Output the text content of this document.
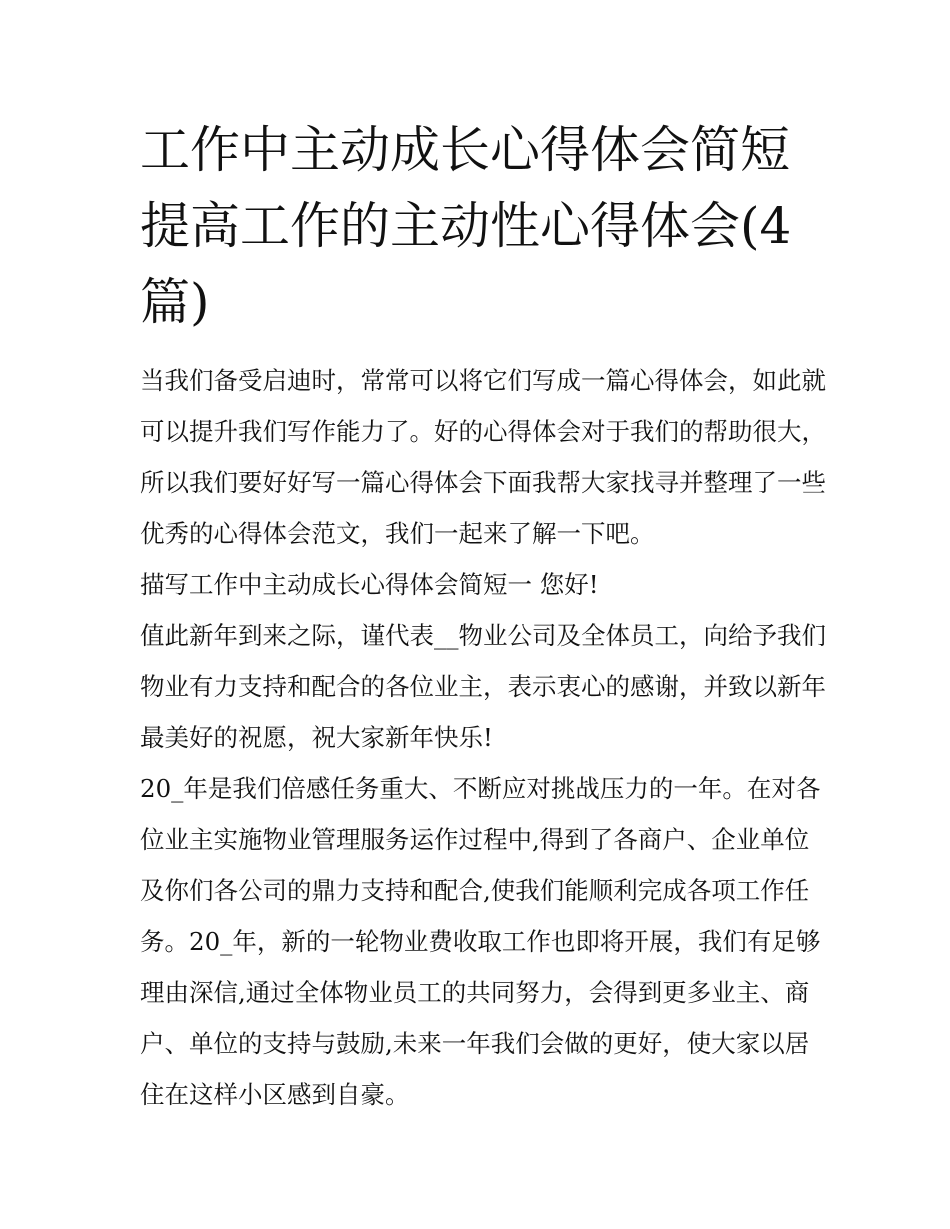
工作中主动成长心得体会简短提高工作的主动性心得体会(4篇)

当我们备受启迪时，常常可以将它们写成一篇心得体会，如此就可以提升我们写作能力了。好的心得体会对于我们的帮助很大，所以我们要好好写一篇心得体会下面我帮大家找寻并整理了一些优秀的心得体会范文，我们一起来了解一下吧。

描写工作中主动成长心得体会简短一 您好!

值此新年到来之际，谨代表__物业公司及全体员工，向给予我们物业有力支持和配合的各位业主，表示衷心的感谢，并致以新年最美好的祝愿，祝大家新年快乐!

20_年是我们倍感任务重大、不断应对挑战压力的一年。在对各位业主实施物业管理服务运作过程中,得到了各商户、企业单位及你们各公司的鼎力支持和配合,使我们能顺利完成各项工作任务。20_年，新的一轮物业费收取工作也即将开展，我们有足够理由深信,通过全体物业员工的共同努力，会得到更多业主、商户、单位的支持与鼓励,未来一年我们会做的更好，使大家以居住在这样小区感到自豪。
